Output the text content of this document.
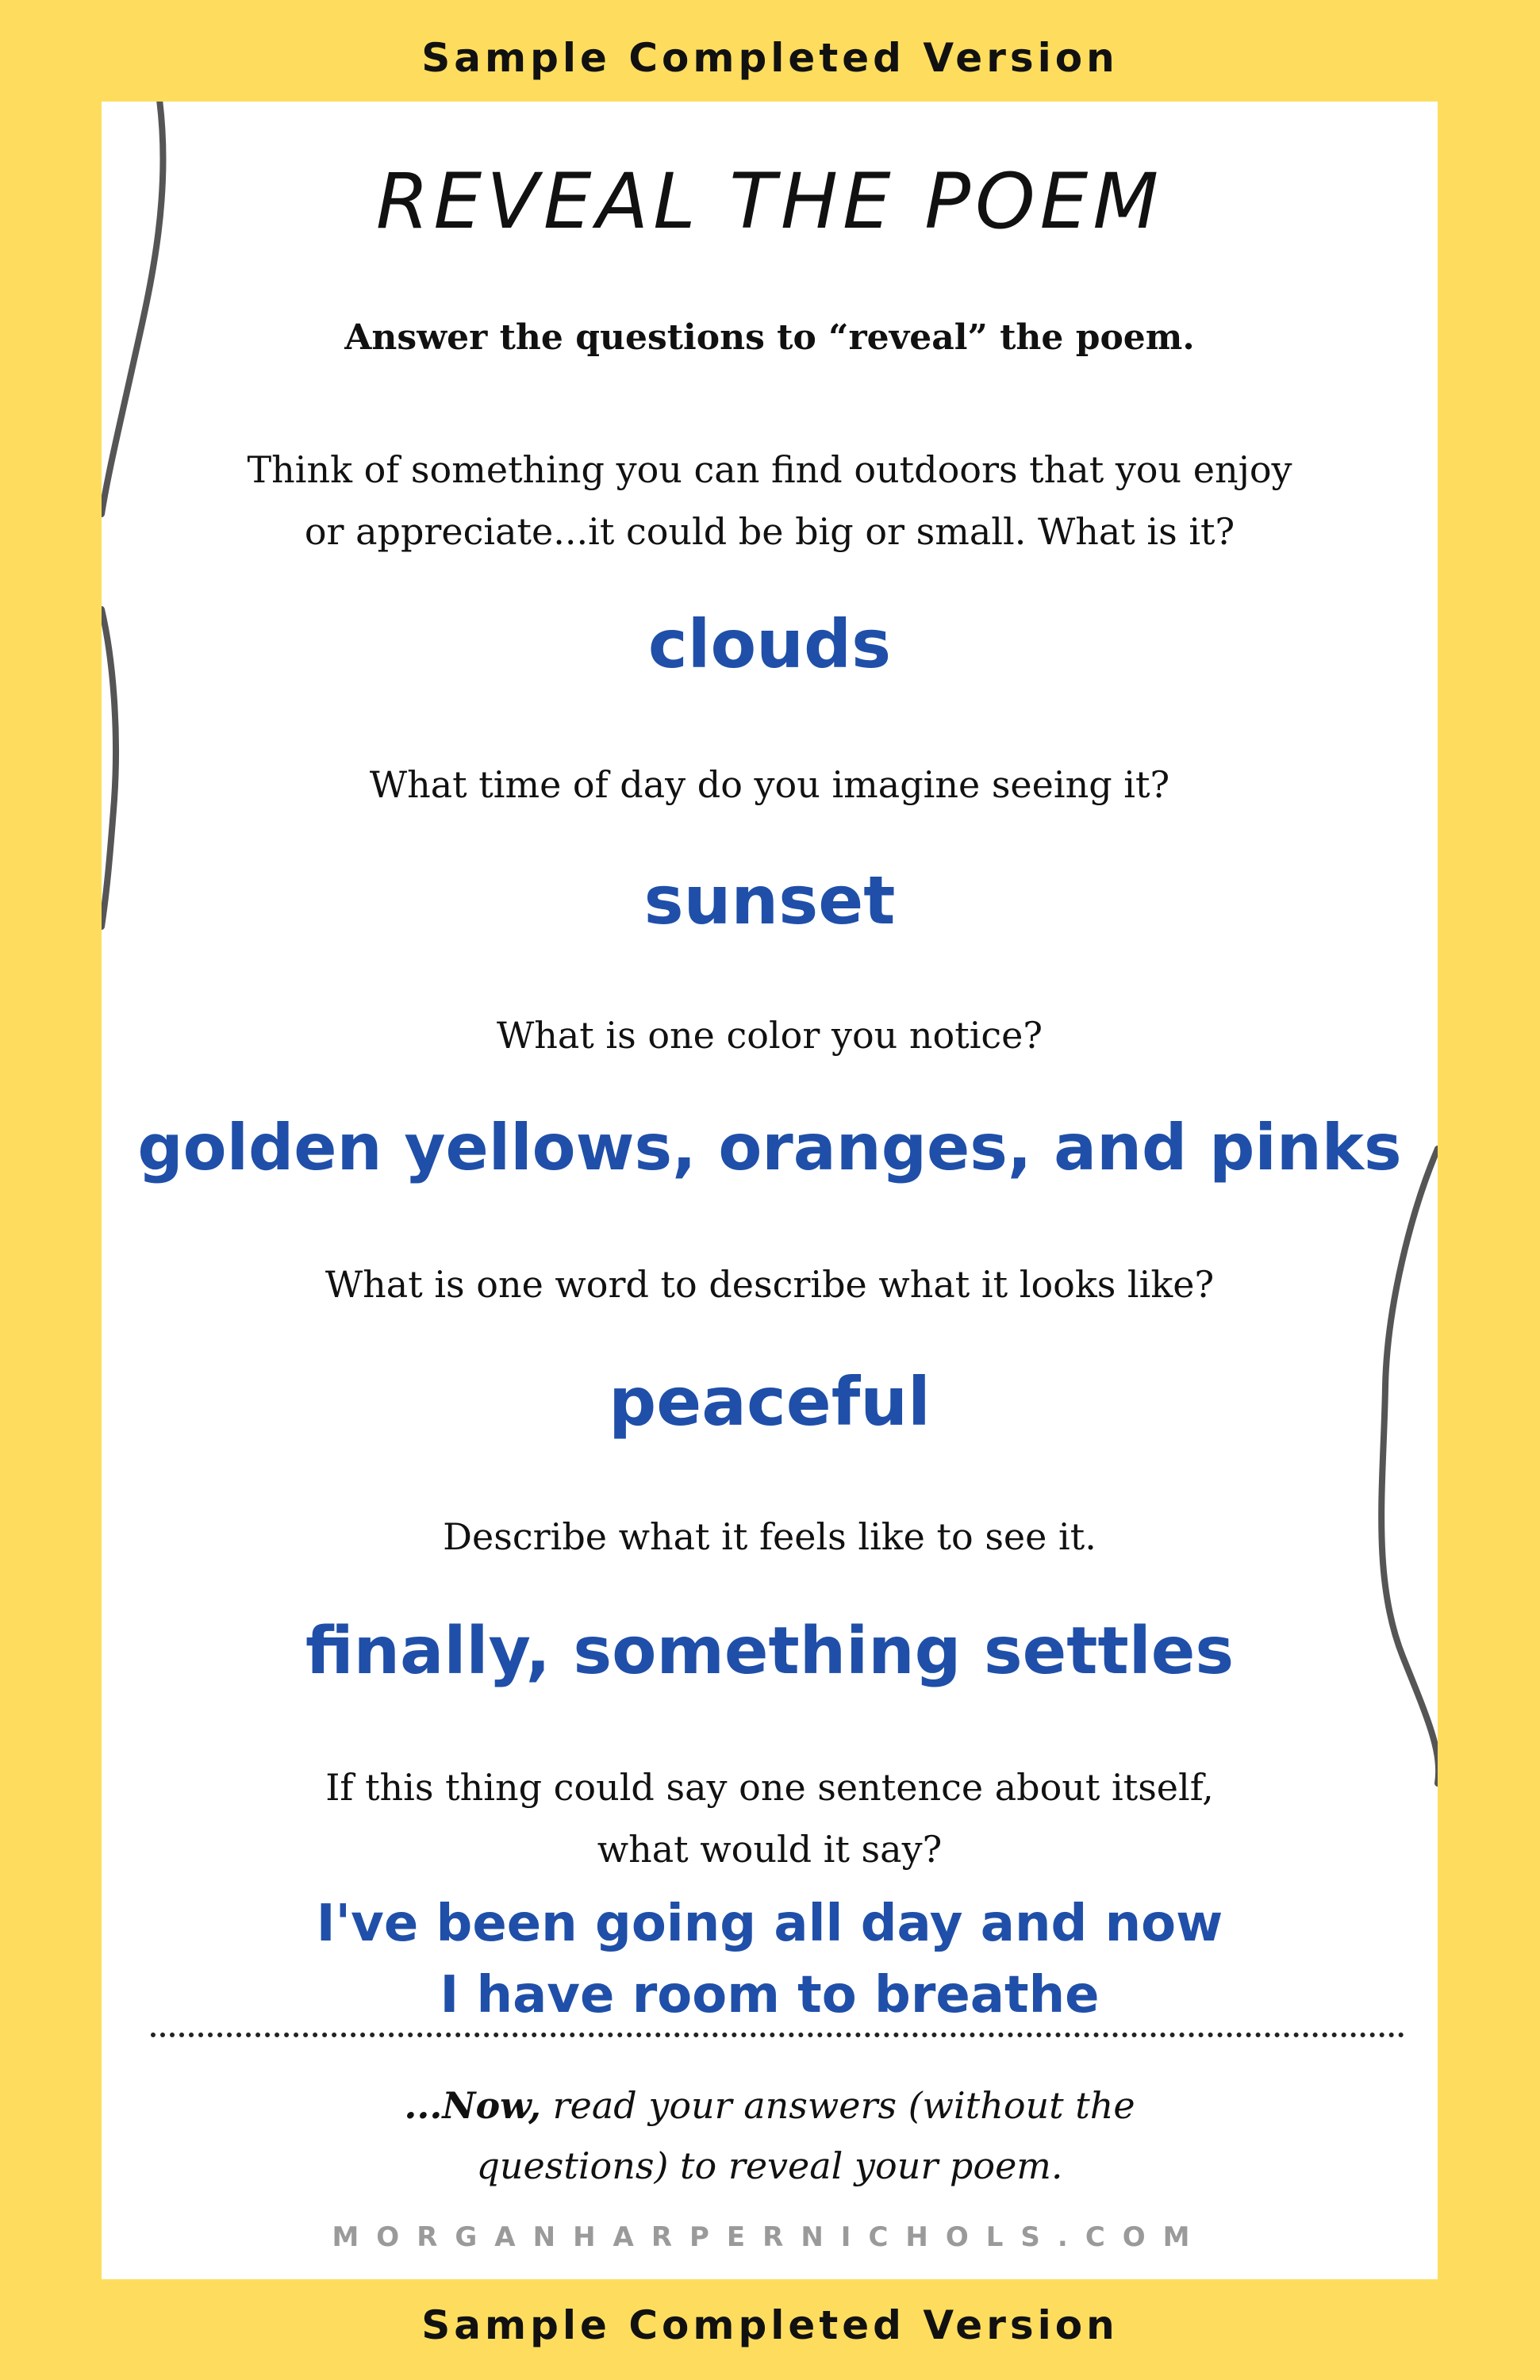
Sample Completed Version
REVEAL THE POEM
Answer the questions to “reveal” the poem.
Think of something you can find outdoors that you enjoy
or appreciate...it could be big or small. What is it?
clouds
What time of day do you imagine seeing it?
sunset
What is one color you notice?
golden yellows, oranges, and pinks
What is one word to describe what it looks like?
peaceful
Describe what it feels like to see it.
finally, something settles
If this thing could say one sentence about itself,
what would it say?
I've been going all day and now
I have room to breathe
...Now, read your answers (without the
questions) to reveal your poem.
MORGANHARPERNICHOLS.COM
Sample Completed Version
